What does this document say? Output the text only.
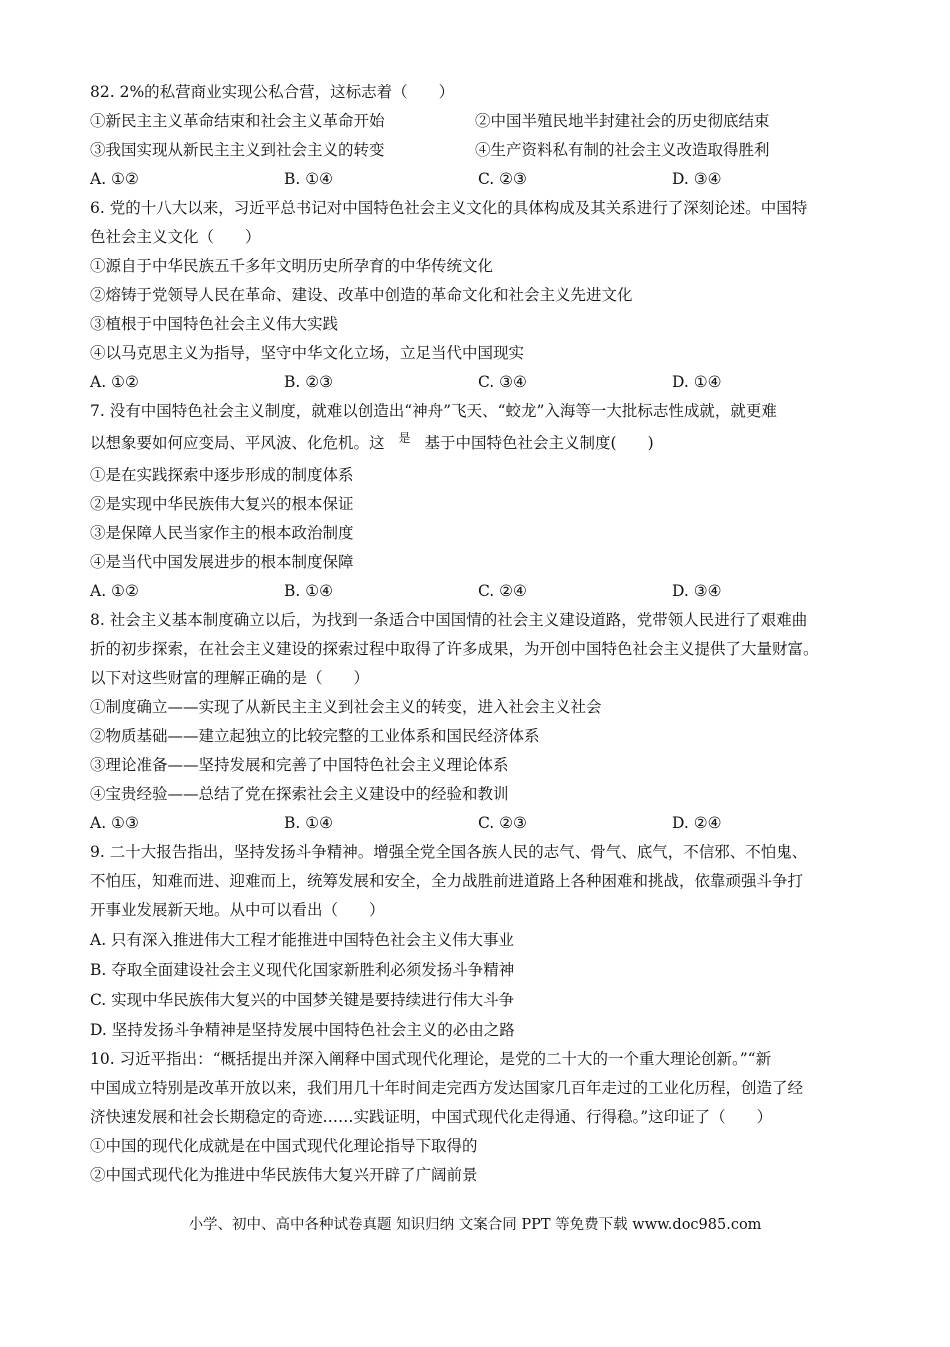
82. 2%的私营商业实现公私合营，这标志着（　　）
①新民主主义革命结束和社会主义革命开始	②中国半殖民地半封建社会的历史彻底结束
③我国实现从新民主主义到社会主义的转变	④生产资料私有制的社会主义改造取得胜利
A. ①②	B. ①④	C. ②③	D. ③④
6. 党的十八大以来，习近平总书记对中国特色社会主义文化的具体构成及其关系进行了深刻论述。中国特
色社会主义文化（　　）
①源自于中华民族五千多年文明历史所孕育的中华传统文化
②熔铸于党领导人民在革命、建设、改革中创造的革命文化和社会主义先进文化
③植根于中国特色社会主义伟大实践
④以马克思主义为指导，坚守中华文化立场，立足当代中国现实
A. ①②	B. ②③	C. ③④	D. ①④
7. 没有中国特色社会主义制度，就难以创造出“神舟”飞天、“蛟龙”入海等一大批标志性成就，就更难
以想象要如何应变局、平风波、化危机。这 $^是$ 基于中国特色社会主义制度(　　)
①是在实践探索中逐步形成的制度体系
②是实现中华民族伟大复兴的根本保证
③是保障人民当家作主的根本政治制度
④是当代中国发展进步的根本制度保障
A. ①②	B. ①④	C. ②④	D. ③④
8. 社会主义基本制度确立以后，为找到一条适合中国国情的社会主义建设道路，党带领人民进行了艰难曲
折的初步探索，在社会主义建设的探索过程中取得了许多成果，为开创中国特色社会主义提供了大量财富。
以下对这些财富的理解正确的是（　　）
①制度确立——实现了从新民主主义到社会主义的转变，进入社会主义社会
②物质基础——建立起独立的比较完整的工业体系和国民经济体系
③理论准备——坚持发展和完善了中国特色社会主义理论体系
④宝贵经验——总结了党在探索社会主义建设中的经验和教训
A. ①③	B. ①④	C. ②③	D. ②④
9. 二十大报告指出，坚持发扬斗争精神。增强全党全国各族人民的志气、骨气、底气，不信邪、不怕鬼、
不怕压，知难而进、迎难而上，统筹发展和安全，全力战胜前进道路上各种困难和挑战，依靠顽强斗争打
开事业发展新天地。从中可以看出（　　）
A. 只有深入推进伟大工程才能推进中国特色社会主义伟大事业
B. 夺取全面建设社会主义现代化国家新胜利必须发扬斗争精神
C. 实现中华民族伟大复兴的中国梦关键是要持续进行伟大斗争
D. 坚持发扬斗争精神是坚持发展中国特色社会主义的必由之路
10. 习近平指出：“概括提出并深入阐释中国式现代化理论，是党的二十大的一个重大理论创新。”“新
中国成立特别是改革开放以来，我们用几十年时间走完西方发达国家几百年走过的工业化历程，创造了经
济快速发展和社会长期稳定的奇迹……实践证明，中国式现代化走得通、行得稳。”这印证了（　　）
①中国的现代化成就是在中国式现代化理论指导下取得的
②中国式现代化为推进中华民族伟大复兴开辟了广阔前景
小学、初中、高中各种试卷真题 知识归纳 文案合同 PPT 等免费下载 www.doc985.com
